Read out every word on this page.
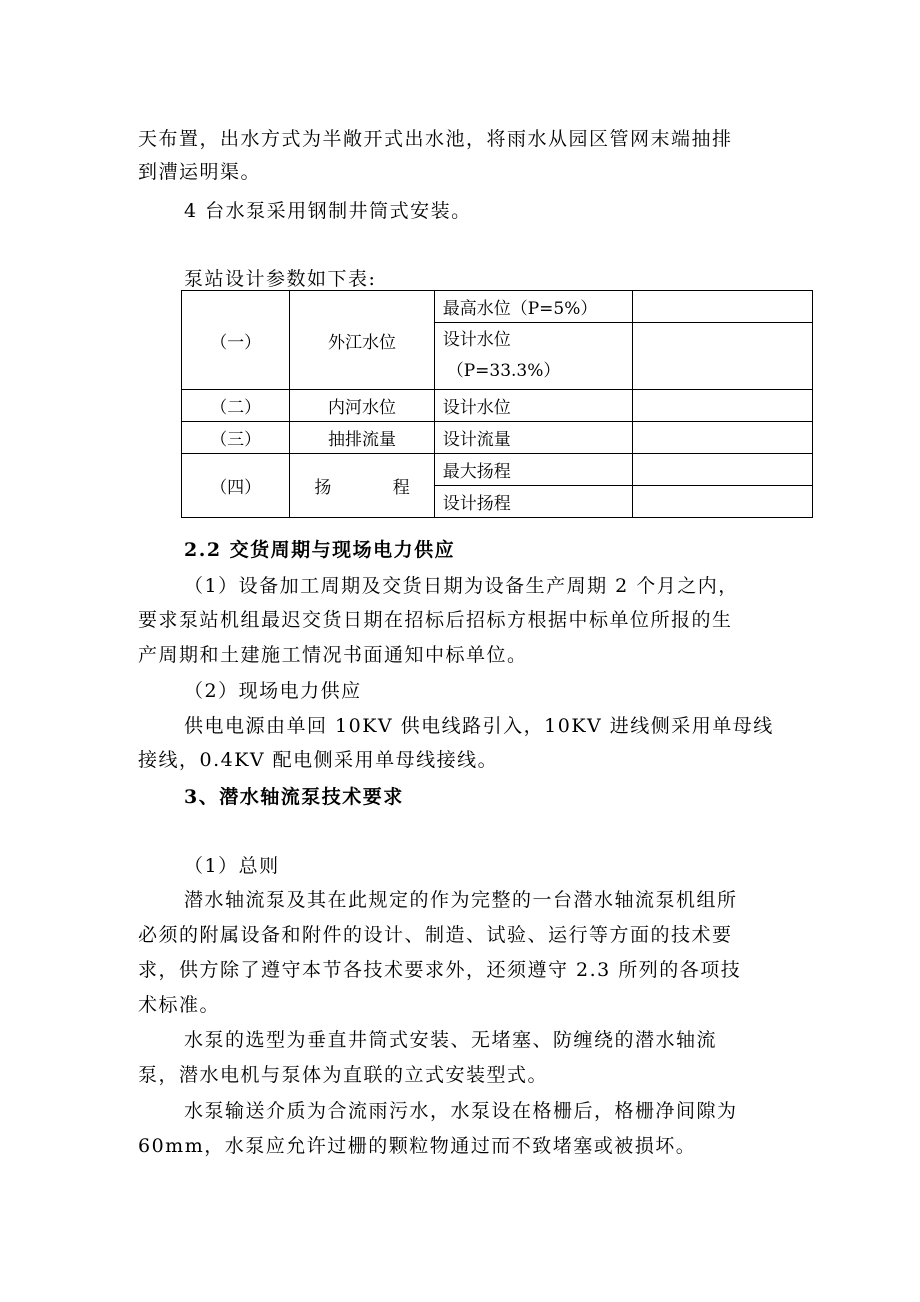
天布置，出水方式为半敞开式出水池，将雨水从园区管网末端抽排
到漕运明渠。
4 台水泵采用钢制井筒式安装。
泵站设计参数如下表:
（一）	外江水位	最高水位（P=5%）	

		设计水位
（P=33.3%）	

（二）	内河水位	设计水位	
（三）	抽排流量	设计流量	
（四）	扬 程	最大扬程	
		设计扬程	
2.2 交货周期与现场电力供应
（1）设备加工周期及交货日期为设备生产周期 2 个月之内，
要求泵站机组最迟交货日期在招标后招标方根据中标单位所报的生
产周期和土建施工情况书面通知中标单位。
（2）现场电力供应
供电电源由单回 10KV 供电线路引入，10KV 进线侧采用单母线
接线，0.4KV 配电侧采用单母线接线。
3、潜水轴流泵技术要求
（1）总则
潜水轴流泵及其在此规定的作为完整的一台潜水轴流泵机组所
必须的附属设备和附件的设计、制造、试验、运行等方面的技术要
求，供方除了遵守本节各技术要求外，还须遵守 2.3 所列的各项技
术标准。
水泵的选型为垂直井筒式安装、无堵塞、防缠绕的潜水轴流
泵，潜水电机与泵体为直联的立式安装型式。
水泵输送介质为合流雨污水，水泵设在格栅后，格栅净间隙为
60mm，水泵应允许过栅的颗粒物通过而不致堵塞或被损坏。
